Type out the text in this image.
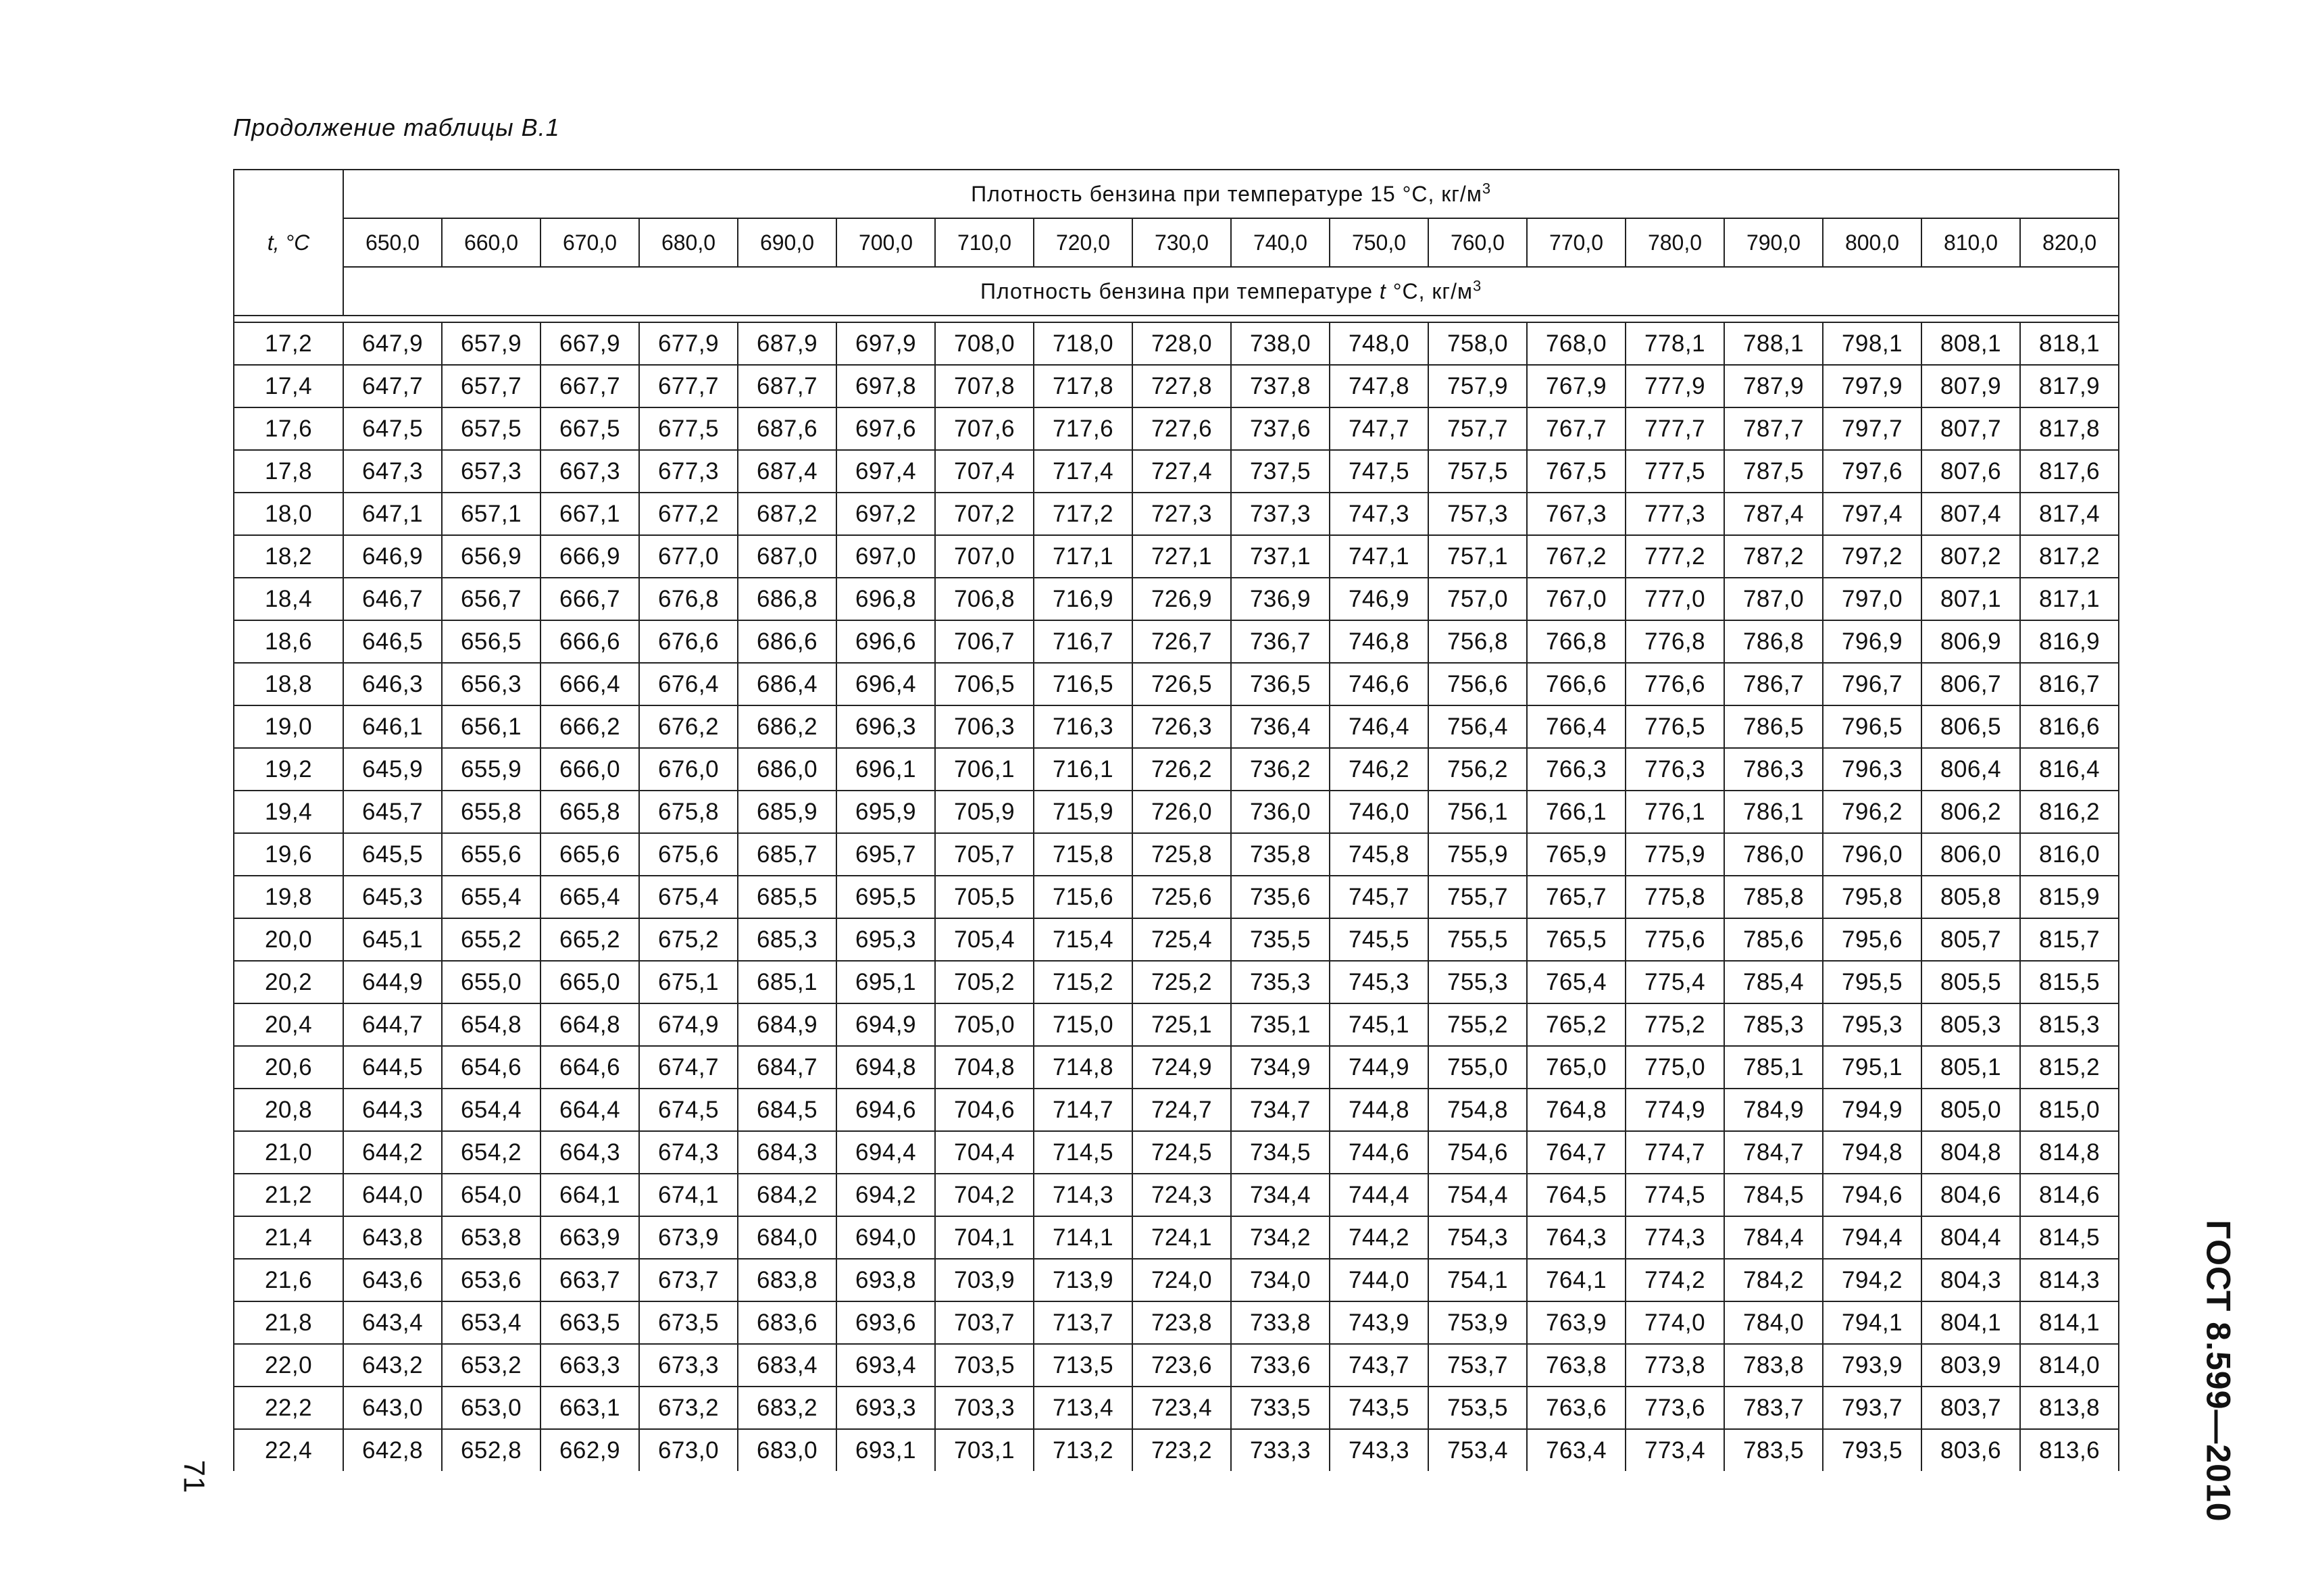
Продолжение таблицы В.1
t, °C	Плотность бензина при температуре 15 °С, $кг/м^3$
	650,0	660,0	670,0	680,0	690,0	700,0	710,0	720,0	730,0	740,0	750,0	760,0	770,0	780,0	790,0	800,0	810,0	820,0
	Плотность бензина при температуре t °С, $кг/м^3$

17,2	647,9	657,9	667,9	677,9	687,9	697,9	708,0	718,0	728,0	738,0	748,0	758,0	768,0	778,1	788,1	798,1	808,1	818,1
17,4	647,7	657,7	667,7	677,7	687,7	697,8	707,8	717,8	727,8	737,8	747,8	757,9	767,9	777,9	787,9	797,9	807,9	817,9
17,6	647,5	657,5	667,5	677,5	687,6	697,6	707,6	717,6	727,6	737,6	747,7	757,7	767,7	777,7	787,7	797,7	807,7	817,8
17,8	647,3	657,3	667,3	677,3	687,4	697,4	707,4	717,4	727,4	737,5	747,5	757,5	767,5	777,5	787,5	797,6	807,6	817,6
18,0	647,1	657,1	667,1	677,2	687,2	697,2	707,2	717,2	727,3	737,3	747,3	757,3	767,3	777,3	787,4	797,4	807,4	817,4
18,2	646,9	656,9	666,9	677,0	687,0	697,0	707,0	717,1	727,1	737,1	747,1	757,1	767,2	777,2	787,2	797,2	807,2	817,2
18,4	646,7	656,7	666,7	676,8	686,8	696,8	706,8	716,9	726,9	736,9	746,9	757,0	767,0	777,0	787,0	797,0	807,1	817,1
18,6	646,5	656,5	666,6	676,6	686,6	696,6	706,7	716,7	726,7	736,7	746,8	756,8	766,8	776,8	786,8	796,9	806,9	816,9
18,8	646,3	656,3	666,4	676,4	686,4	696,4	706,5	716,5	726,5	736,5	746,6	756,6	766,6	776,6	786,7	796,7	806,7	816,7
19,0	646,1	656,1	666,2	676,2	686,2	696,3	706,3	716,3	726,3	736,4	746,4	756,4	766,4	776,5	786,5	796,5	806,5	816,6
19,2	645,9	655,9	666,0	676,0	686,0	696,1	706,1	716,1	726,2	736,2	746,2	756,2	766,3	776,3	786,3	796,3	806,4	816,4
19,4	645,7	655,8	665,8	675,8	685,9	695,9	705,9	715,9	726,0	736,0	746,0	756,1	766,1	776,1	786,1	796,2	806,2	816,2
19,6	645,5	655,6	665,6	675,6	685,7	695,7	705,7	715,8	725,8	735,8	745,8	755,9	765,9	775,9	786,0	796,0	806,0	816,0
19,8	645,3	655,4	665,4	675,4	685,5	695,5	705,5	715,6	725,6	735,6	745,7	755,7	765,7	775,8	785,8	795,8	805,8	815,9
20,0	645,1	655,2	665,2	675,2	685,3	695,3	705,4	715,4	725,4	735,5	745,5	755,5	765,5	775,6	785,6	795,6	805,7	815,7
20,2	644,9	655,0	665,0	675,1	685,1	695,1	705,2	715,2	725,2	735,3	745,3	755,3	765,4	775,4	785,4	795,5	805,5	815,5
20,4	644,7	654,8	664,8	674,9	684,9	694,9	705,0	715,0	725,1	735,1	745,1	755,2	765,2	775,2	785,3	795,3	805,3	815,3
20,6	644,5	654,6	664,6	674,7	684,7	694,8	704,8	714,8	724,9	734,9	744,9	755,0	765,0	775,0	785,1	795,1	805,1	815,2
20,8	644,3	654,4	664,4	674,5	684,5	694,6	704,6	714,7	724,7	734,7	744,8	754,8	764,8	774,9	784,9	794,9	805,0	815,0
21,0	644,2	654,2	664,3	674,3	684,3	694,4	704,4	714,5	724,5	734,5	744,6	754,6	764,7	774,7	784,7	794,8	804,8	814,8
21,2	644,0	654,0	664,1	674,1	684,2	694,2	704,2	714,3	724,3	734,4	744,4	754,4	764,5	774,5	784,5	794,6	804,6	814,6
21,4	643,8	653,8	663,9	673,9	684,0	694,0	704,1	714,1	724,1	734,2	744,2	754,3	764,3	774,3	784,4	794,4	804,4	814,5
21,6	643,6	653,6	663,7	673,7	683,8	693,8	703,9	713,9	724,0	734,0	744,0	754,1	764,1	774,2	784,2	794,2	804,3	814,3
21,8	643,4	653,4	663,5	673,5	683,6	693,6	703,7	713,7	723,8	733,8	743,9	753,9	763,9	774,0	784,0	794,1	804,1	814,1
22,0	643,2	653,2	663,3	673,3	683,4	693,4	703,5	713,5	723,6	733,6	743,7	753,7	763,8	773,8	783,8	793,9	803,9	814,0
22,2	643,0	653,0	663,1	673,2	683,2	693,3	703,3	713,4	723,4	733,5	743,5	753,5	763,6	773,6	783,7	793,7	803,7	813,8
22,4	642,8	652,8	662,9	673,0	683,0	693,1	703,1	713,2	723,2	733,3	743,3	753,4	763,4	773,4	783,5	793,5	803,6	813,6
71	ГОСТ 8.599—2010
